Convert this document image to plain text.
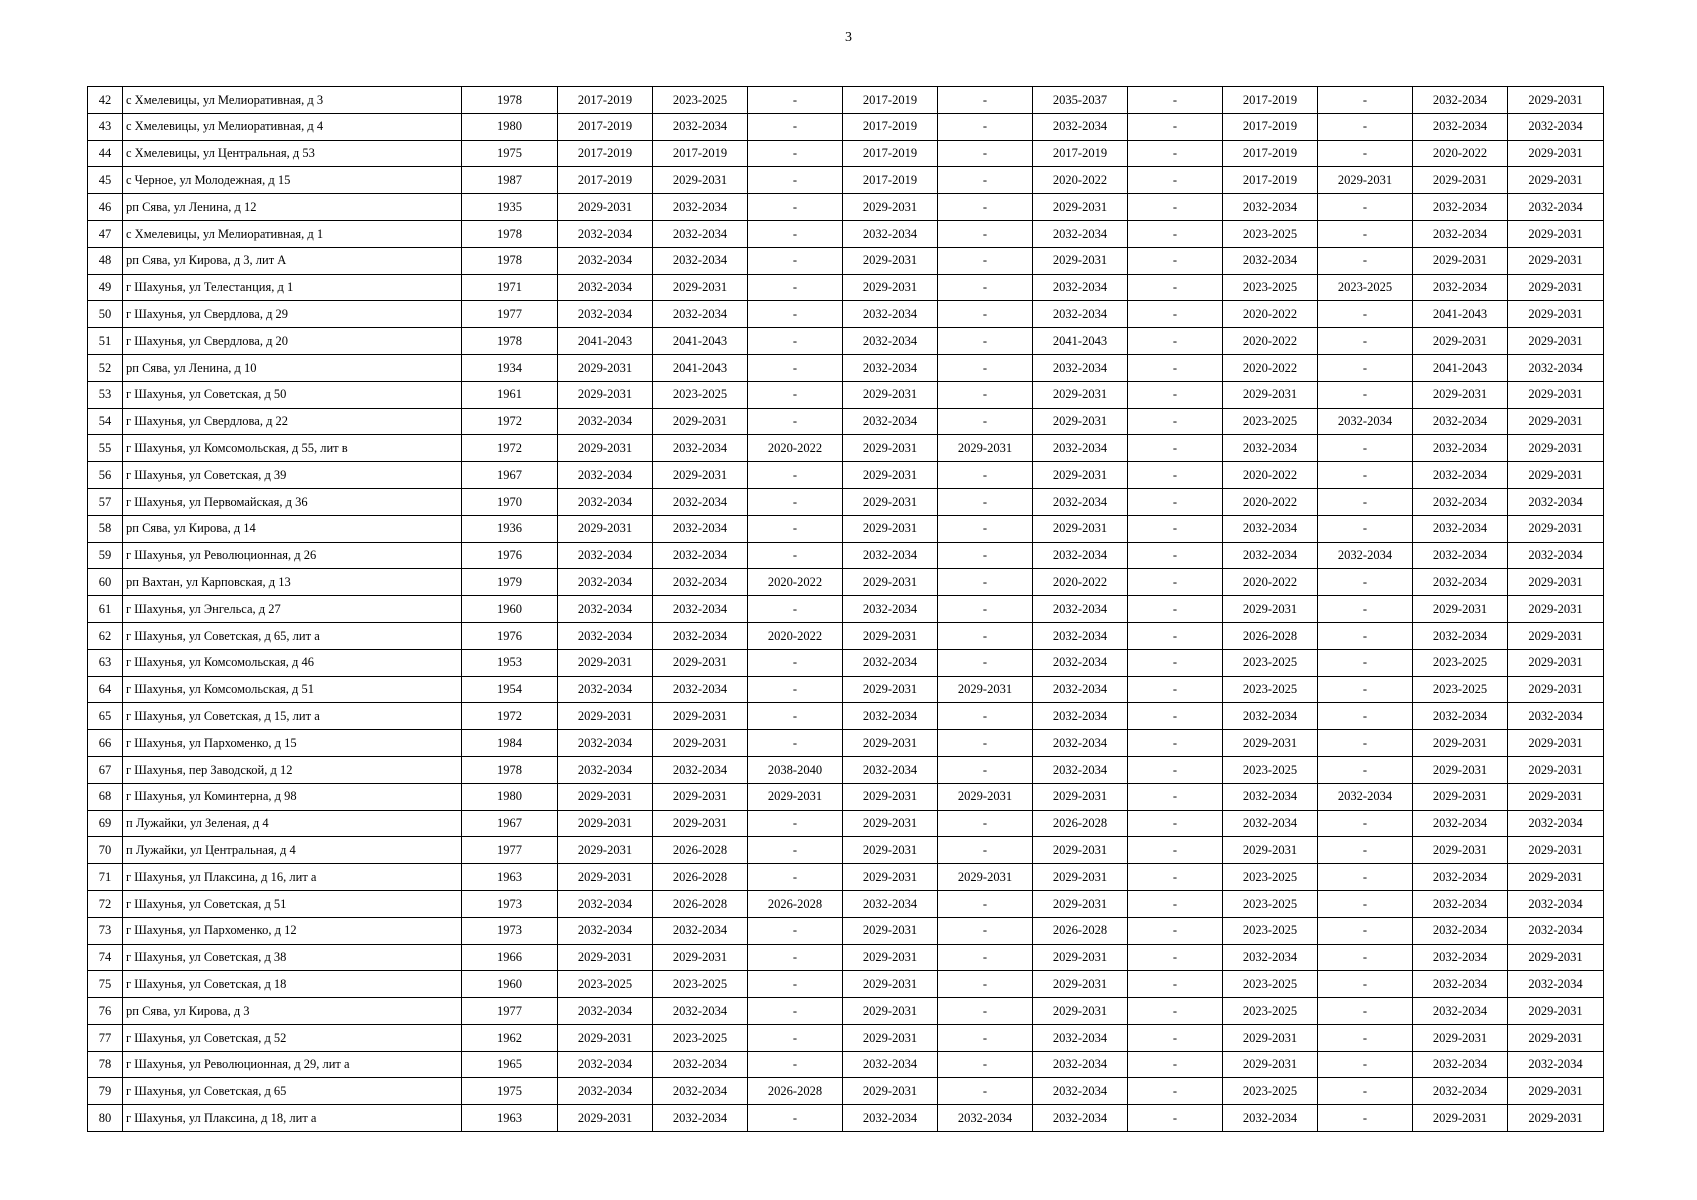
3
42	с Хмелевицы, ул Мелиоративная, д 3	1978	2017-2019	2023-2025	-	2017-2019	-	2035-2037	-	2017-2019	-	2032-2034	2029-2031
43	с Хмелевицы, ул Мелиоративная, д 4	1980	2017-2019	2032-2034	-	2017-2019	-	2032-2034	-	2017-2019	-	2032-2034	2032-2034
44	с Хмелевицы, ул Центральная, д 53	1975	2017-2019	2017-2019	-	2017-2019	-	2017-2019	-	2017-2019	-	2020-2022	2029-2031
45	с Черное, ул Молодежная, д 15	1987	2017-2019	2029-2031	-	2017-2019	-	2020-2022	-	2017-2019	2029-2031	2029-2031	2029-2031
46	рп Сява, ул Ленина, д 12	1935	2029-2031	2032-2034	-	2029-2031	-	2029-2031	-	2032-2034	-	2032-2034	2032-2034
47	с Хмелевицы, ул Мелиоративная, д 1	1978	2032-2034	2032-2034	-	2032-2034	-	2032-2034	-	2023-2025	-	2032-2034	2029-2031
48	рп Сява, ул Кирова, д 3, лит А	1978	2032-2034	2032-2034	-	2029-2031	-	2029-2031	-	2032-2034	-	2029-2031	2029-2031
49	г Шахунья, ул Телестанция, д 1	1971	2032-2034	2029-2031	-	2029-2031	-	2032-2034	-	2023-2025	2023-2025	2032-2034	2029-2031
50	г Шахунья, ул Свердлова, д 29	1977	2032-2034	2032-2034	-	2032-2034	-	2032-2034	-	2020-2022	-	2041-2043	2029-2031
51	г Шахунья, ул Свердлова, д 20	1978	2041-2043	2041-2043	-	2032-2034	-	2041-2043	-	2020-2022	-	2029-2031	2029-2031
52	рп Сява, ул Ленина, д 10	1934	2029-2031	2041-2043	-	2032-2034	-	2032-2034	-	2020-2022	-	2041-2043	2032-2034
53	г Шахунья, ул Советская, д 50	1961	2029-2031	2023-2025	-	2029-2031	-	2029-2031	-	2029-2031	-	2029-2031	2029-2031
54	г Шахунья, ул Свердлова, д 22	1972	2032-2034	2029-2031	-	2032-2034	-	2029-2031	-	2023-2025	2032-2034	2032-2034	2029-2031
55	г Шахунья, ул Комсомольская, д 55, лит в	1972	2029-2031	2032-2034	2020-2022	2029-2031	2029-2031	2032-2034	-	2032-2034	-	2032-2034	2029-2031
56	г Шахунья, ул Советская, д 39	1967	2032-2034	2029-2031	-	2029-2031	-	2029-2031	-	2020-2022	-	2032-2034	2029-2031
57	г Шахунья, ул Первомайская, д 36	1970	2032-2034	2032-2034	-	2029-2031	-	2032-2034	-	2020-2022	-	2032-2034	2032-2034
58	рп Сява, ул Кирова, д 14	1936	2029-2031	2032-2034	-	2029-2031	-	2029-2031	-	2032-2034	-	2032-2034	2029-2031
59	г Шахунья, ул Революционная, д 26	1976	2032-2034	2032-2034	-	2032-2034	-	2032-2034	-	2032-2034	2032-2034	2032-2034	2032-2034
60	рп Вахтан, ул Карповская, д 13	1979	2032-2034	2032-2034	2020-2022	2029-2031	-	2020-2022	-	2020-2022	-	2032-2034	2029-2031
61	г Шахунья, ул Энгельса, д 27	1960	2032-2034	2032-2034	-	2032-2034	-	2032-2034	-	2029-2031	-	2029-2031	2029-2031
62	г Шахунья, ул Советская, д 65, лит а	1976	2032-2034	2032-2034	2020-2022	2029-2031	-	2032-2034	-	2026-2028	-	2032-2034	2029-2031
63	г Шахунья, ул Комсомольская, д 46	1953	2029-2031	2029-2031	-	2032-2034	-	2032-2034	-	2023-2025	-	2023-2025	2029-2031
64	г Шахунья, ул Комсомольская, д 51	1954	2032-2034	2032-2034	-	2029-2031	2029-2031	2032-2034	-	2023-2025	-	2023-2025	2029-2031
65	г Шахунья, ул Советская, д 15, лит а	1972	2029-2031	2029-2031	-	2032-2034	-	2032-2034	-	2032-2034	-	2032-2034	2032-2034
66	г Шахунья, ул Пархоменко, д 15	1984	2032-2034	2029-2031	-	2029-2031	-	2032-2034	-	2029-2031	-	2029-2031	2029-2031
67	г Шахунья, пер Заводской, д 12	1978	2032-2034	2032-2034	2038-2040	2032-2034	-	2032-2034	-	2023-2025	-	2029-2031	2029-2031
68	г Шахунья, ул Коминтерна, д 98	1980	2029-2031	2029-2031	2029-2031	2029-2031	2029-2031	2029-2031	-	2032-2034	2032-2034	2029-2031	2029-2031
69	п Лужайки, ул Зеленая, д 4	1967	2029-2031	2029-2031	-	2029-2031	-	2026-2028	-	2032-2034	-	2032-2034	2032-2034
70	п Лужайки, ул Центральная, д 4	1977	2029-2031	2026-2028	-	2029-2031	-	2029-2031	-	2029-2031	-	2029-2031	2029-2031
71	г Шахунья, ул Плаксина, д 16, лит а	1963	2029-2031	2026-2028	-	2029-2031	2029-2031	2029-2031	-	2023-2025	-	2032-2034	2029-2031
72	г Шахунья, ул Советская, д 51	1973	2032-2034	2026-2028	2026-2028	2032-2034	-	2029-2031	-	2023-2025	-	2032-2034	2032-2034
73	г Шахунья, ул Пархоменко, д 12	1973	2032-2034	2032-2034	-	2029-2031	-	2026-2028	-	2023-2025	-	2032-2034	2032-2034
74	г Шахунья, ул Советская, д 38	1966	2029-2031	2029-2031	-	2029-2031	-	2029-2031	-	2032-2034	-	2032-2034	2029-2031
75	г Шахунья, ул Советская, д 18	1960	2023-2025	2023-2025	-	2029-2031	-	2029-2031	-	2023-2025	-	2032-2034	2032-2034
76	рп Сява, ул Кирова, д 3	1977	2032-2034	2032-2034	-	2029-2031	-	2029-2031	-	2023-2025	-	2032-2034	2029-2031
77	г Шахунья, ул Советская, д 52	1962	2029-2031	2023-2025	-	2029-2031	-	2032-2034	-	2029-2031	-	2029-2031	2029-2031
78	г Шахунья, ул Революционная, д 29, лит а	1965	2032-2034	2032-2034	-	2032-2034	-	2032-2034	-	2029-2031	-	2032-2034	2032-2034
79	г Шахунья, ул Советская, д 65	1975	2032-2034	2032-2034	2026-2028	2029-2031	-	2032-2034	-	2023-2025	-	2032-2034	2029-2031
80	г Шахунья, ул Плаксина, д 18, лит а	1963	2029-2031	2032-2034	-	2032-2034	2032-2034	2032-2034	-	2032-2034	-	2029-2031	2029-2031
